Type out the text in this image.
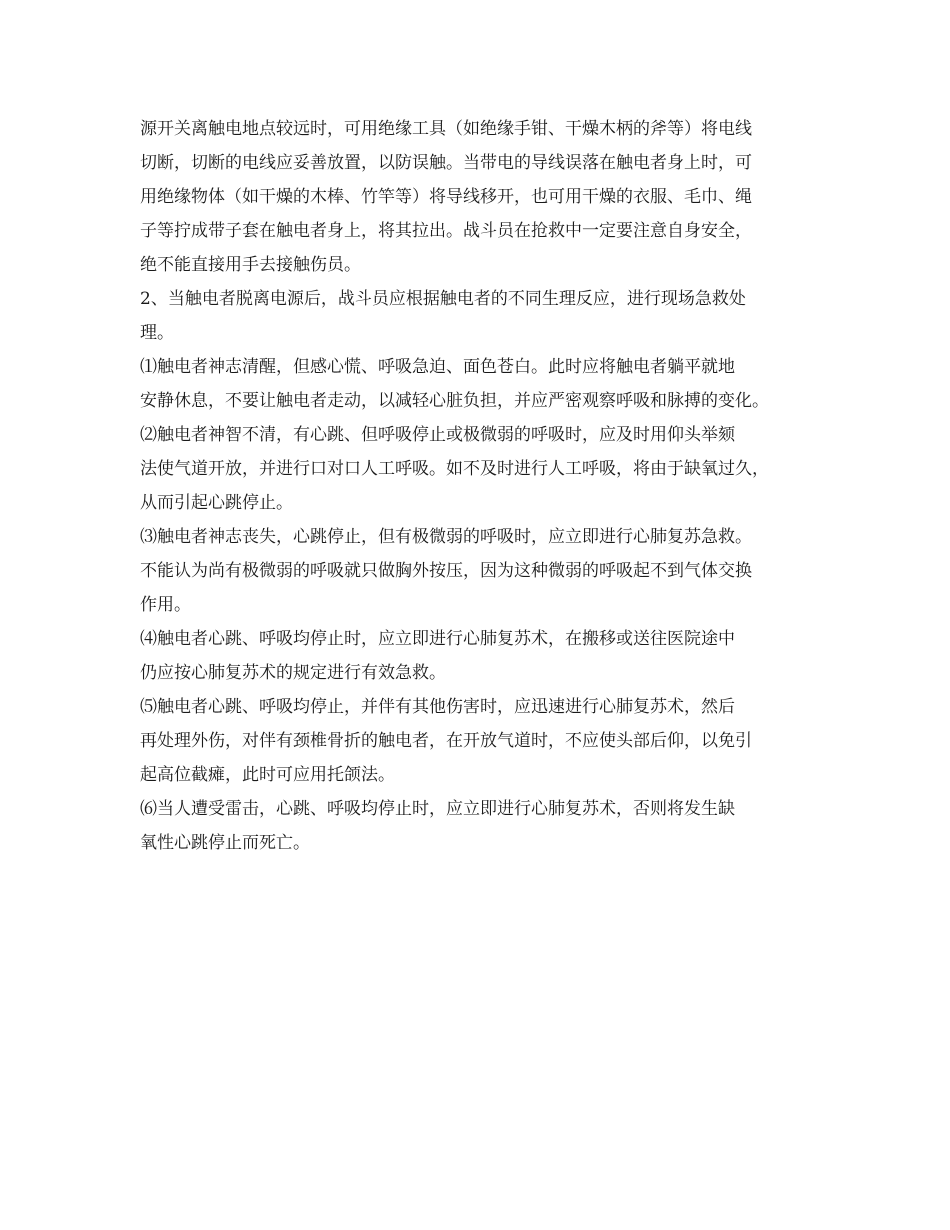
源开关离触电地点较远时，可用绝缘工具（如绝缘手钳、干燥木柄的斧等）将电线
切断，切断的电线应妥善放置，以防误触。当带电的导线误落在触电者身上时，可
用绝缘物体（如干燥的木棒、竹竿等）将导线移开，也可用干燥的衣服、毛巾、绳
子等拧成带子套在触电者身上，将其拉出。战斗员在抢救中一定要注意自身安全，
绝不能直接用手去接触伤员。
2、当触电者脱离电源后，战斗员应根据触电者的不同生理反应，进行现场急救处
理。
⑴触电者神志清醒，但感心慌、呼吸急迫、面色苍白。此时应将触电者躺平就地
安静休息，不要让触电者走动，以减轻心脏负担，并应严密观察呼吸和脉搏的变化。
⑵触电者神智不清，有心跳、但呼吸停止或极微弱的呼吸时，应及时用仰头举颏
法使气道开放，并进行口对口人工呼吸。如不及时进行人工呼吸，将由于缺氧过久，
从而引起心跳停止。
⑶触电者神志丧失，心跳停止，但有极微弱的呼吸时，应立即进行心肺复苏急救。
不能认为尚有极微弱的呼吸就只做胸外按压，因为这种微弱的呼吸起不到气体交换
作用。
⑷触电者心跳、呼吸均停止时，应立即进行心肺复苏术，在搬移或送往医院途中
仍应按心肺复苏术的规定进行有效急救。
⑸触电者心跳、呼吸均停止，并伴有其他伤害时，应迅速进行心肺复苏术，然后
再处理外伤，对伴有颈椎骨折的触电者，在开放气道时，不应使头部后仰，以免引
起高位截瘫，此时可应用托颌法。
⑹当人遭受雷击，心跳、呼吸均停止时，应立即进行心肺复苏术，否则将发生缺
氧性心跳停止而死亡。
